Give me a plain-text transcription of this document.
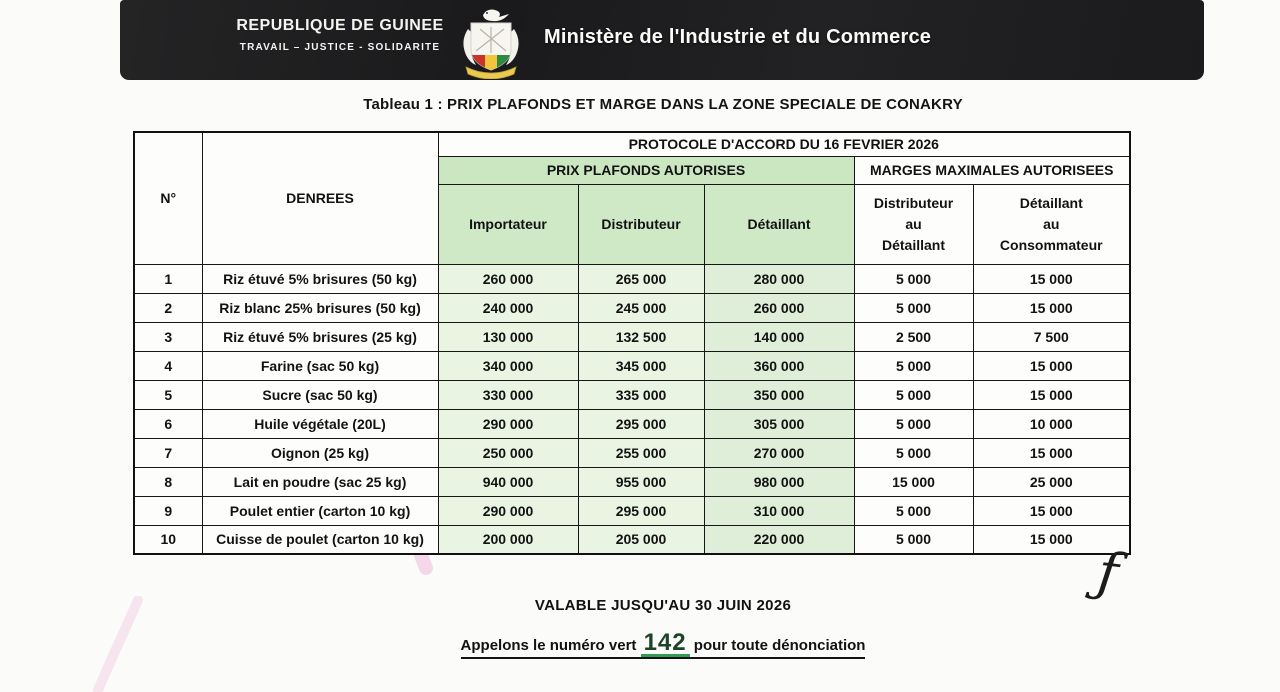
REPUBLIQUE DE GUINEE
TRAVAIL – JUSTICE - SOLIDARITE	Ministère de l'Industrie et du Commerce
Tableau 1 : PRIX PLAFONDS ET MARGE DANS LA ZONE SPECIALE DE CONAKRY
N°	DENREES	PROTOCOLE D'ACCORD DU 16 FEVRIER 2026				
		PRIX PLAFONDS AUTORISES			MARGES MAXIMALES AUTORISEES	
Importateur	Distributeur	Détaillant	
Distributeur
au
Détaillant

Détaillant
au
Consommateur

1	Riz étuvé 5% brisures (50 kg)	260 000	265 000	280 000	5 000	15 000
2	Riz blanc 25% brisures (50 kg)	240 000	245 000	260 000	5 000	15 000
3	Riz étuvé 5% brisures (25 kg)	130 000	132 500	140 000	2 500	7 500
4	Farine (sac 50 kg)	340 000	345 000	360 000	5 000	15 000
5	Sucre (sac 50 kg)	330 000	335 000	350 000	5 000	15 000
6	Huile végétale (20L)	290 000	295 000	305 000	5 000	10 000
7	Oignon (25 kg)	250 000	255 000	270 000	5 000	15 000
8	Lait en poudre (sac 25 kg)	940 000	955 000	980 000	15 000	25 000
9	Poulet entier (carton 10 kg)	290 000	295 000	310 000	5 000	15 000
10	Cuisse de poulet (carton 10 kg)	200 000	205 000	220 000	5 000	15 000
ƒ
VALABLE JUSQU'AU 30 JUIN 2026
Appelons le numéro vert 142 pour toute dénonciation
